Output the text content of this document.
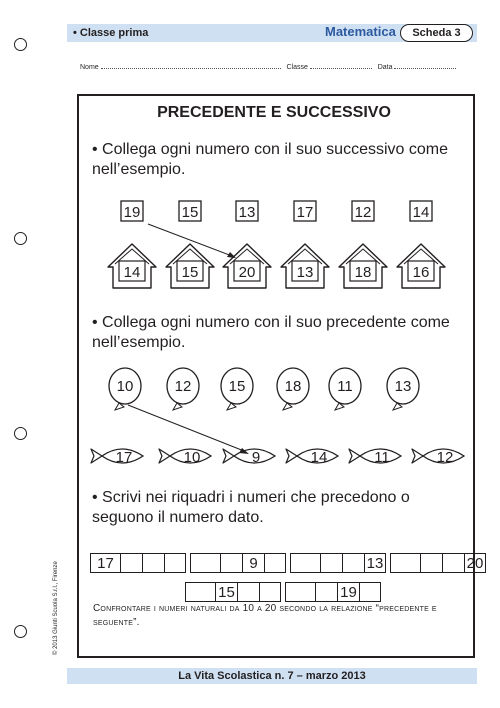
• Classe prima	Matematica	Scheda 3
Nome	Classe	Data
PRECEDENTE E SUCCESSIVO
• Collega ogni numero con il suo successivo come nell’esempio.
19	15	13	17	12	14
14	15	20	13	18	16
• Collega ogni numero con il suo precedente come nell’esempio.
10	12 15	18 11	13
17	10	9	14	11	12
• Scrivi nei riquadri i numeri che precedono o seguono il numero dato.
17	9	13	20
15	19
Confrontare i numeri naturali da 10 a 20 secondo la relazione “precedente e seguente”.
© 2013 Giunti Scuola S.r.l., Firenze
La Vita Scolastica n. 7 – marzo 2013
